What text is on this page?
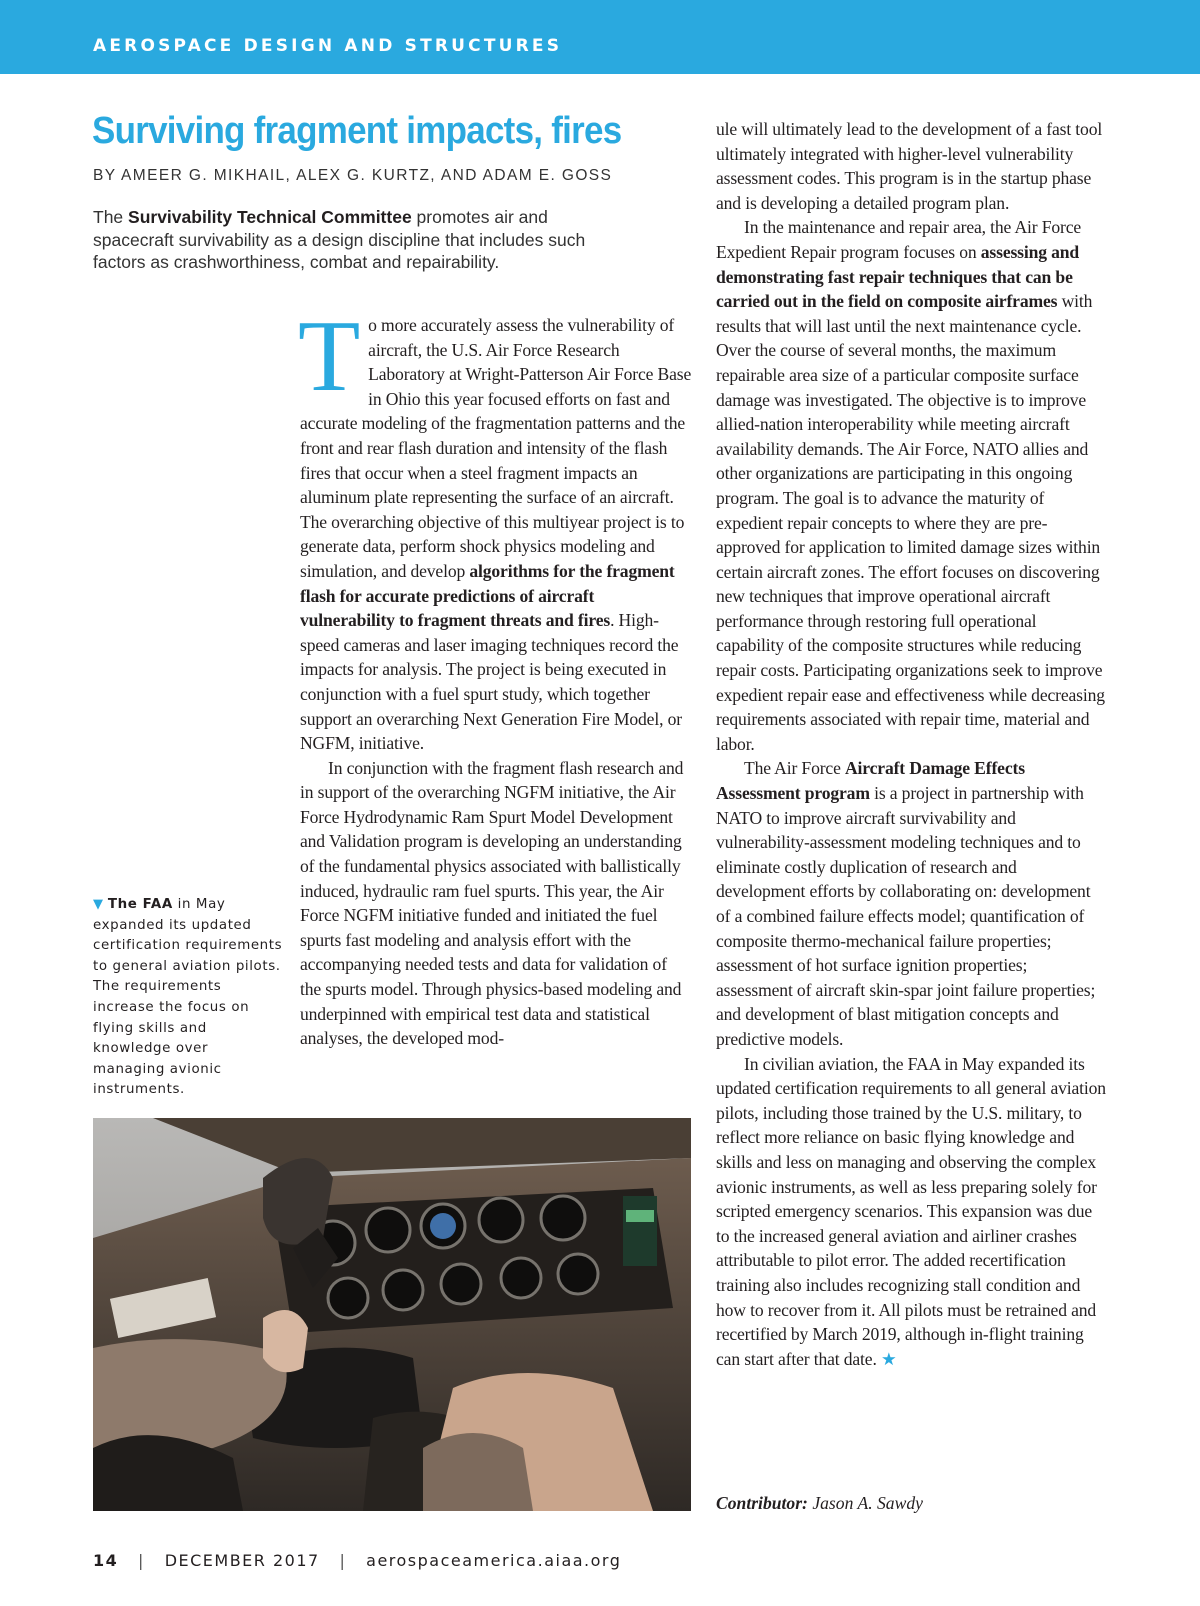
AEROSPACE DESIGN AND STRUCTURES
Surviving fragment impacts, fires
BY AMEER G. MIKHAIL, ALEX G. KURTZ, AND ADAM E. GOSS

The Survivability Technical Committee promotes air and spacecraft survivability as a design discipline that includes such factors as crashworthiness, combat and repairability.

To more accurately assess the vulnerability of aircraft, the U.S. Air Force Research Laboratory at Wright-Patterson Air Force Base in Ohio this year focused efforts on fast and accurate modeling of the fragmentation patterns and the front and rear flash duration and intensity of the flash fires that occur when a steel fragment impacts an aluminum plate representing the surface of an aircraft. The overarching objective of this multiyear project is to generate data, perform shock physics modeling and simulation, and develop algorithms for the fragment flash for accurate predictions of aircraft vulnerability to fragment threats and fires. High-speed cameras and laser imaging techniques record the impacts for analysis. The project is being executed in conjunction with a fuel spurt study, which together support an overarching Next Generation Fire Model, or NGFM, initiative.

In conjunction with the fragment flash research and in support of the overarching NGFM initiative, the Air Force Hydrodynamic Ram Spurt Model Development and Validation program is developing an understanding of the fundamental physics associated with ballistically induced, hydraulic ram fuel spurts. This year, the Air Force NGFM initiative funded and initiated the fuel spurts fast modeling and analysis effort with the accompanying needed tests and data for validation of the spurts model. Through physics-based modeling and underpinned with empirical test data and statistical analyses, the developed mod-

ule will ultimately lead to the development of a fast tool ultimately integrated with higher-level vulnerability assessment codes. This program is in the startup phase and is developing a detailed program plan.

In the maintenance and repair area, the Air Force Expedient Repair program focuses on assessing and demonstrating fast repair techniques that can be carried out in the field on composite airframes with results that will last until the next maintenance cycle. Over the course of several months, the maximum repairable area size of a particular composite surface damage was investigated. The objective is to improve allied-nation interoperability while meeting aircraft availability demands. The Air Force, NATO allies and other organizations are participating in this ongoing program. The goal is to advance the maturity of expedient repair concepts to where they are pre-approved for application to limited damage sizes within certain aircraft zones. The effort focuses on discovering new techniques that improve operational aircraft performance through restoring full operational capability of the composite structures while reducing repair costs. Participating organizations seek to improve expedient repair ease and effectiveness while decreasing requirements associated with repair time, material and labor.

The Air Force Aircraft Damage Effects Assessment program is a project in partnership with NATO to improve aircraft survivability and vulnerability-assessment modeling techniques and to eliminate costly duplication of research and development efforts by collaborating on: development of a combined failure effects model; quantification of composite thermo-mechanical failure properties; assessment of hot surface ignition properties; assessment of aircraft skin-spar joint failure properties; and development of blast mitigation concepts and predictive models.

In civilian aviation, the FAA in May expanded its updated certification requirements to all general aviation pilots, including those trained by the U.S. military, to reflect more reliance on basic flying knowledge and skills and less on managing and observing the complex avionic instruments, as well as less preparing solely for scripted emergency scenarios. This expansion was due to the increased general aviation and airliner crashes attributable to pilot error. The added recertification training also includes recognizing stall condition and how to recover from it. All pilots must be retrained and recertified by March 2019, although in-flight training can start after that date. ★

▼ The FAA in May expanded its updated certification requirements to general aviation pilots. The requirements increase the focus on flying skills and knowledge over managing avionic instruments.

Contributor: Jason A. Sawdy

14 | DECEMBER 2017 | aerospaceamerica.aiaa.org
